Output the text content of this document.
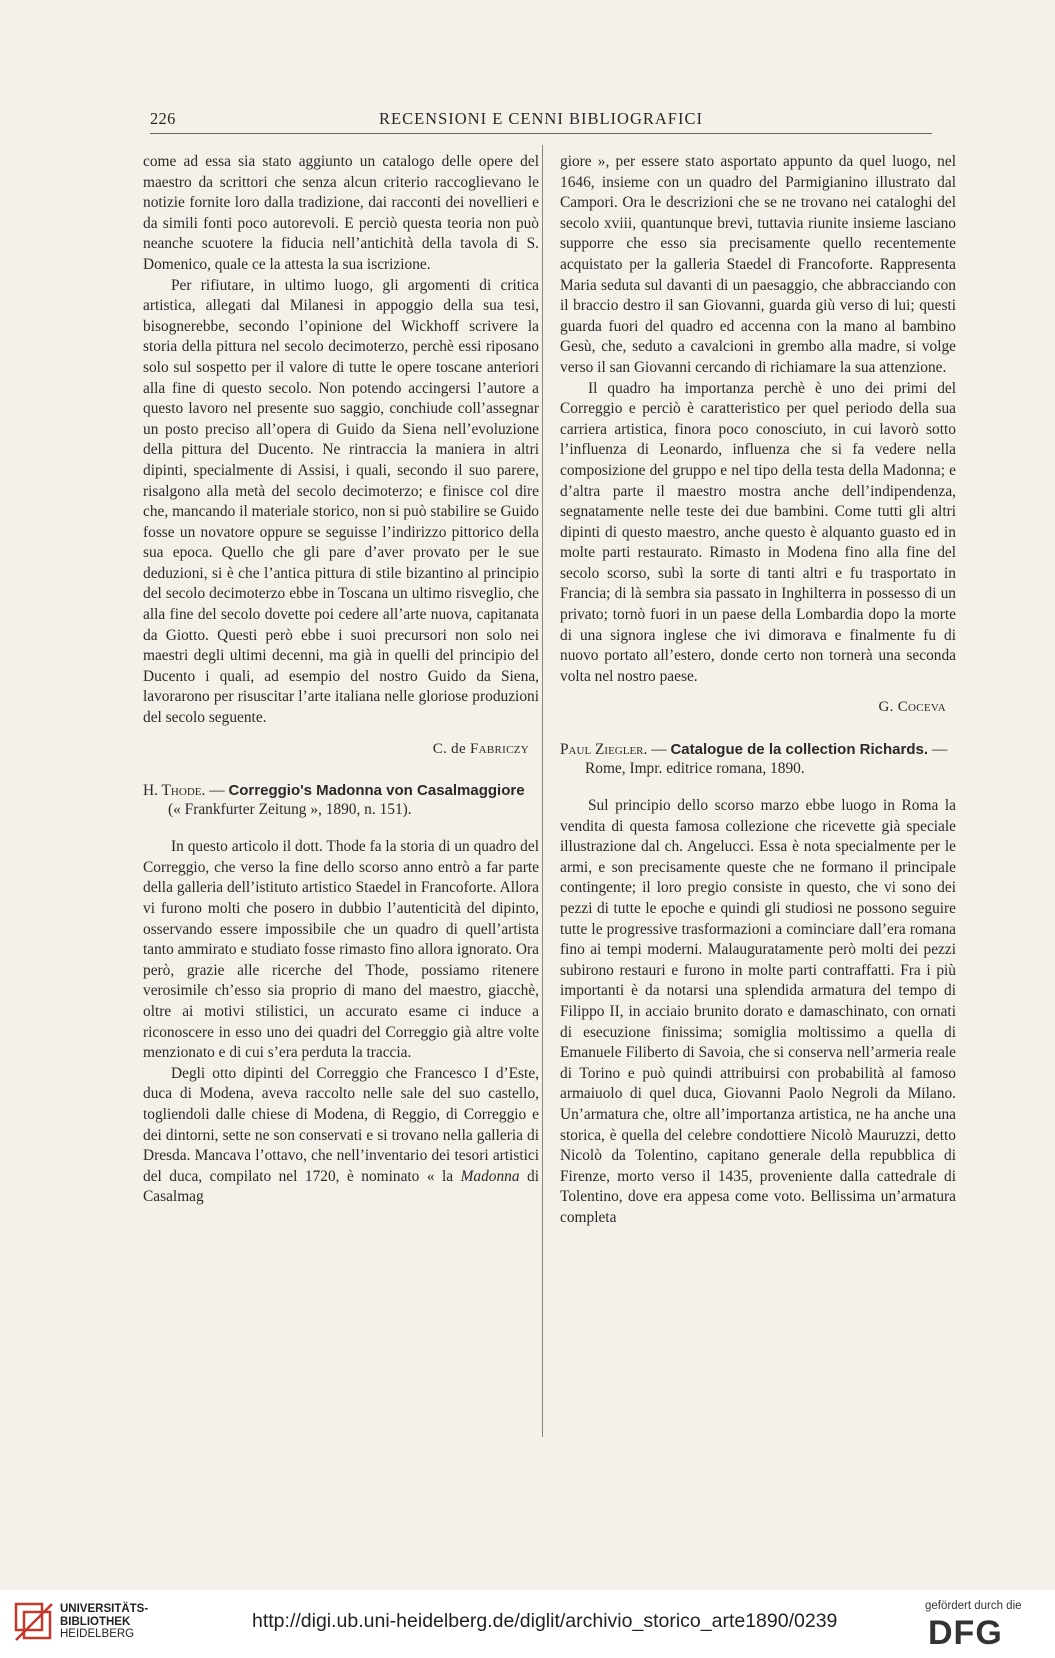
226	RECENSIONI E CENNI BIBLIOGRAFICI

come ad essa sia stato aggiunto un catalogo delle opere del maestro da scrittori che senza alcun criterio raccoglievano le notizie fornite loro dalla tradizione, dai racconti dei novellieri e da simili fonti poco autorevoli. E perciò questa teoria non può neanche scuotere la fiducia nell’antichità della tavola di S. Domenico, quale ce la attesta la sua iscrizione.

Per rifiutare, in ultimo luogo, gli argomenti di critica artistica, allegati dal Milanesi in appoggio della sua tesi, bisognerebbe, secondo l’opinione del Wickhoff scrivere la storia della pittura nel secolo decimoterzo, perchè essi riposano solo sul sospetto per il valore di tutte le opere toscane anteriori alla fine di questo secolo. Non potendo accingersi l’autore a questo lavoro nel presente suo saggio, conchiude coll’assegnar un posto preciso all’opera di Guido da Siena nell’evoluzione della pittura del Ducento. Ne rintraccia la maniera in altri dipinti, specialmente di Assisi, i quali, secondo il suo parere, risalgono alla metà del secolo decimoterzo; e finisce col dire che, mancando il materiale storico, non si può stabilire se Guido fosse un novatore oppure se seguisse l’indirizzo pittorico della sua epoca. Quello che gli pare d’aver provato per le sue deduzioni, si è che l’antica pittura di stile bizantino al principio del secolo decimoterzo ebbe in Toscana un ultimo risveglio, che alla fine del secolo dovette poi cedere all’arte nuova, capitanata da Giotto. Questi però ebbe i suoi precursori non solo nei maestri degli ultimi decenni, ma già in quelli del principio del Ducento i quali, ad esempio del nostro Guido da Siena, lavorarono per risuscitar l’arte italiana nelle gloriose produzioni del secolo seguente.

C. de Fabriczy
H. Thode. — Correggio's Madonna von Casalmaggiore
(« Frankfurter Zeitung », 1890, n. 151).

In questo articolo il dott. Thode fa la storia di un quadro del Correggio, che verso la fine dello scorso anno entrò a far parte della galleria dell’istituto artistico Staedel in Francoforte. Allora vi furono molti che posero in dubbio l’autenticità del dipinto, osservando essere impossibile che un quadro di quell’artista tanto ammirato e studiato fosse rimasto fino allora ignorato. Ora però, grazie alle ricerche del Thode, possiamo ritenere verosimile ch’esso sia proprio di mano del maestro, giacchè, oltre ai motivi stilistici, un accurato esame ci induce a riconoscere in esso uno dei quadri del Correggio già altre volte menzionato e di cui s’era perduta la traccia.

Degli otto dipinti del Correggio che Francesco I d’Este, duca di Modena, aveva raccolto nelle sale del suo castello, togliendoli dalle chiese di Modena, di Reggio, di Correggio e dei dintorni, sette ne son conservati e si trovano nella galleria di Dresda. Mancava l’ottavo, che nell’inventario dei tesori artistici del duca, compilato nel 1720, è nominato « la Madonna di Casalmag

giore », per essere stato asportato appunto da quel luogo, nel 1646, insieme con un quadro del Parmigianino illustrato dal Campori. Ora le descrizioni che se ne trovano nei cataloghi del secolo xviii, quantunque brevi, tuttavia riunite insieme lasciano supporre che esso sia precisamente quello recentemente acquistato per la galleria Staedel di Francoforte. Rappresenta Maria seduta sul davanti di un paesaggio, che abbracciando con il braccio destro il san Giovanni, guarda giù verso di lui; questi guarda fuori del quadro ed accenna con la mano al bambino Gesù, che, seduto a cavalcioni in grembo alla madre, si volge verso il san Giovanni cercando di richiamare la sua attenzione.

Il quadro ha importanza perchè è uno dei primi del Correggio e perciò è caratteristico per quel periodo della sua carriera artistica, finora poco conosciuto, in cui lavorò sotto l’influenza di Leonardo, influenza che si fa vedere nella composizione del gruppo e nel tipo della testa della Madonna; e d’altra parte il maestro mostra anche dell’indipendenza, segnatamente nelle teste dei due bambini. Come tutti gli altri dipinti di questo maestro, anche questo è alquanto guasto ed in molte parti restaurato. Rimasto in Modena fino alla fine del secolo scorso, subì la sorte di tanti altri e fu trasportato in Francia; di là sembra sia passato in Inghilterra in possesso di un privato; tornò fuori in un paese della Lombardia dopo la morte di una signora inglese che ivi dimorava e finalmente fu di nuovo portato all’estero, donde certo non tornerà una seconda volta nel nostro paese.

G. Coceva
Paul Ziegler. — Catalogue de la collection Richards. —
Rome, Impr. editrice romana, 1890.

Sul principio dello scorso marzo ebbe luogo in Roma la vendita di questa famosa collezione che ricevette già speciale illustrazione dal ch. Angelucci. Essa è nota specialmente per le armi, e son precisamente queste che ne formano il principale contingente; il loro pregio consiste in questo, che vi sono dei pezzi di tutte le epoche e quindi gli studiosi ne possono seguire tutte le progressive trasformazioni a cominciare dall’era romana fino ai tempi moderni. Malauguratamente però molti dei pezzi subirono restauri e furono in molte parti contraffatti. Fra i più importanti è da notarsi una splendida armatura del tempo di Filippo II, in acciaio brunito dorato e damaschinato, con ornati di esecuzione finissima; somiglia moltissimo a quella di Emanuele Filiberto di Savoia, che si conserva nell’armeria reale di Torino e può quindi attribuirsi con probabilità al famoso armaiuolo di quel duca, Giovanni Paolo Negroli da Milano. Un’armatura che, oltre all’importanza artistica, ne ha anche una storica, è quella del celebre condottiere Nicolò Mauruzzi, detto Nicolò da Tolentino, capitano generale della repubblica di Firenze, morto verso il 1435, proveniente dalla cattedrale di Tolentino, dove era appesa come voto. Bellissima un’armatura completa

UNIVERSITÄTS-
BIBLIOTHEK
HEIDELBERG
http://digi.ub.uni-heidelberg.de/diglit/archivio_storico_arte1890/0239
gefördert durch die
DFG
